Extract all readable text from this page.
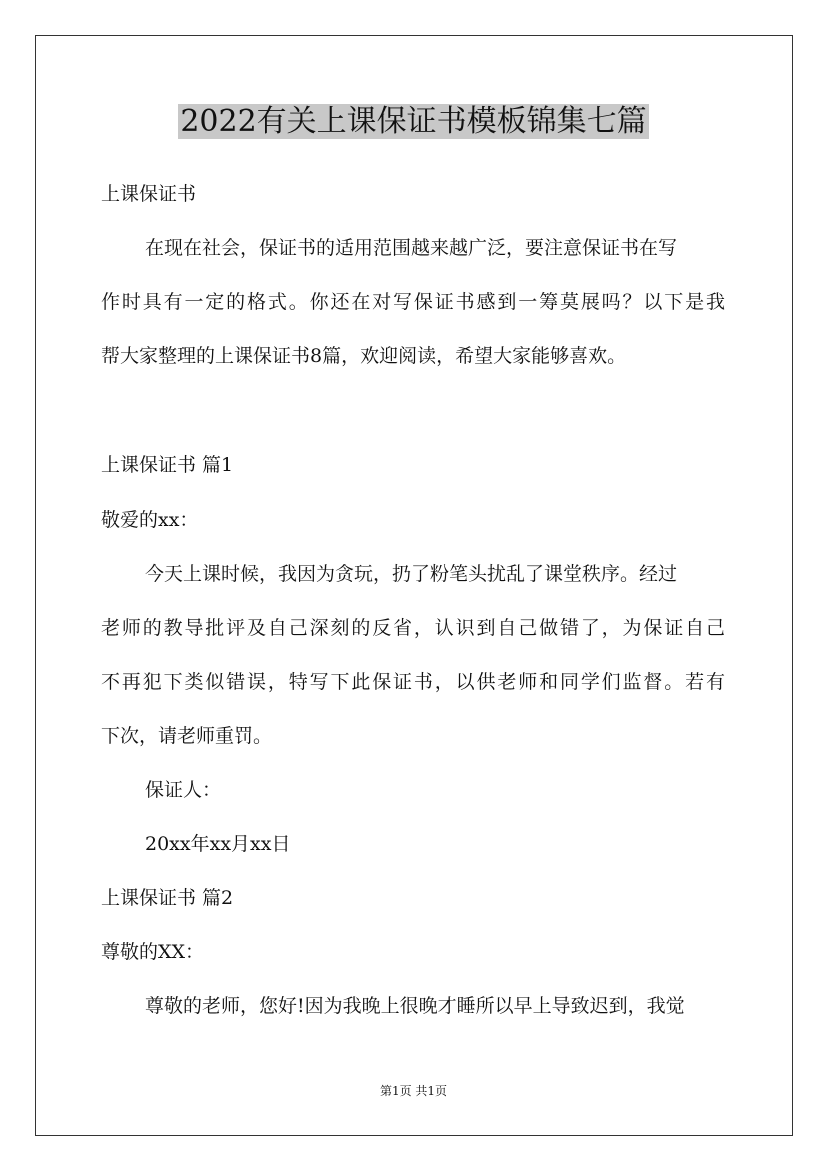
2022有关上课保证书模板锦集七篇
上课保证书
在现在社会，保证书的适用范围越来越广泛，要注意保证书在写
作时具有一定的格式。你还在对写保证书感到一筹莫展吗？以下是我
帮大家整理的上课保证书8篇，欢迎阅读，希望大家能够喜欢。
上课保证书 篇1
敬爱的xx：
今天上课时候，我因为贪玩，扔了粉笔头扰乱了课堂秩序。经过
老师的教导批评及自己深刻的反省，认识到自己做错了，为保证自己
不再犯下类似错误，特写下此保证书，以供老师和同学们监督。若有
下次，请老师重罚。
保证人：
20xx年xx月xx日
上课保证书 篇2
尊敬的XX：
尊敬的老师，您好!因为我晚上很晚才睡所以早上导致迟到，我觉
第1页 共1页
